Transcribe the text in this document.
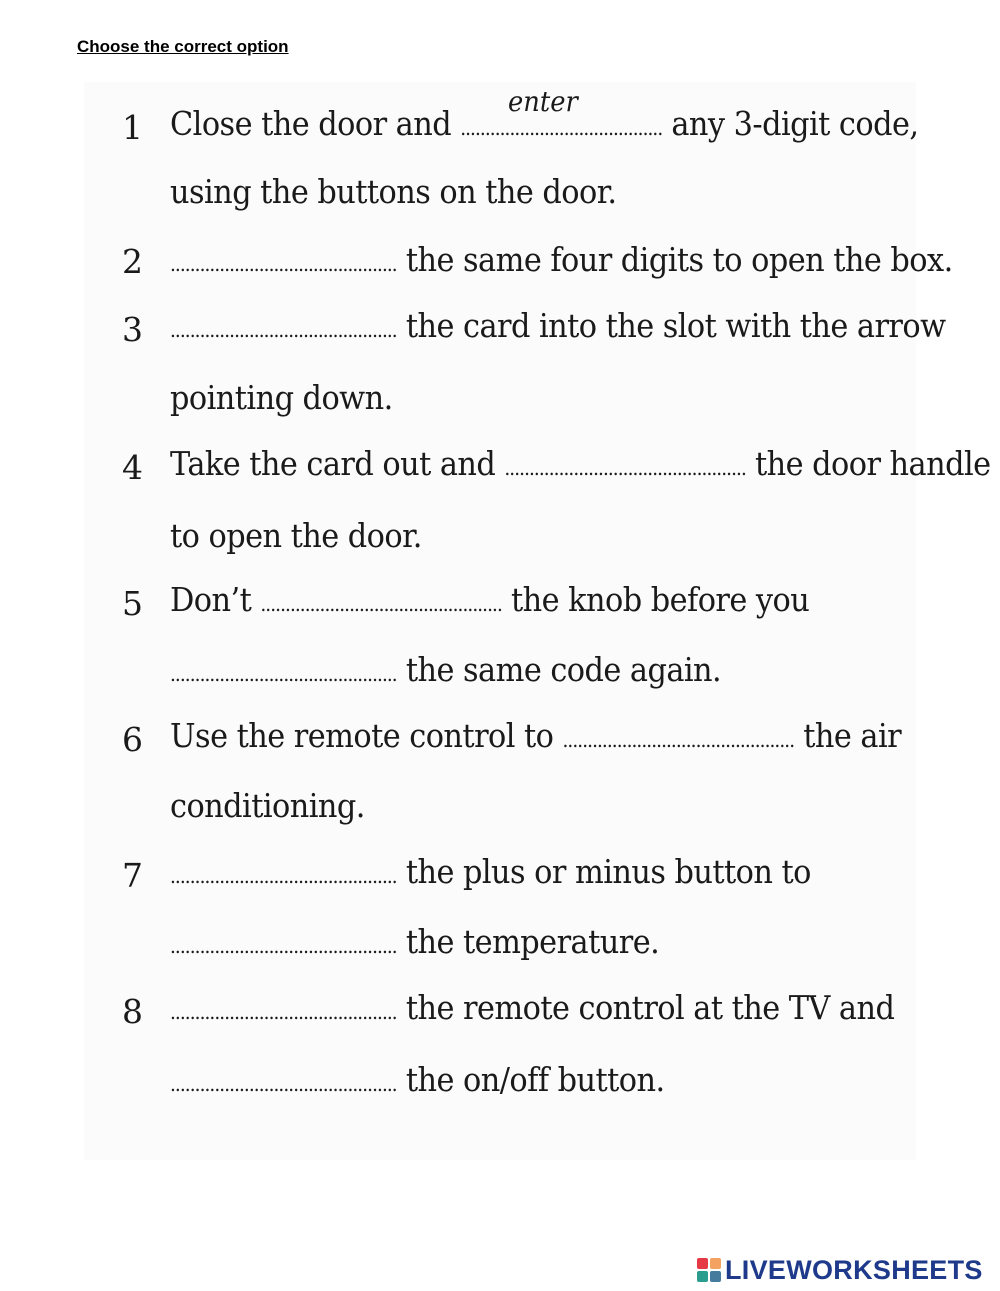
Choose the correct option
1 Close the door and .........................................
enter
any 3-digit code,
using the buttons on the door.
2	.............................................. the same four digits to open the box.
3	.............................................. the card into the slot with the arrow
pointing down.
4 Take the card out and ................................................. the door handle
to open the door.
5 Don’t ................................................. the knob before you
.............................................. the same code again.
6 Use the remote control to ............................................... the air
conditioning.
7	.............................................. the plus or minus button to
.............................................. the temperature.
8	.............................................. the remote control at the TV and
.............................................. the on/off button.
LIVEWORKSHEETS
